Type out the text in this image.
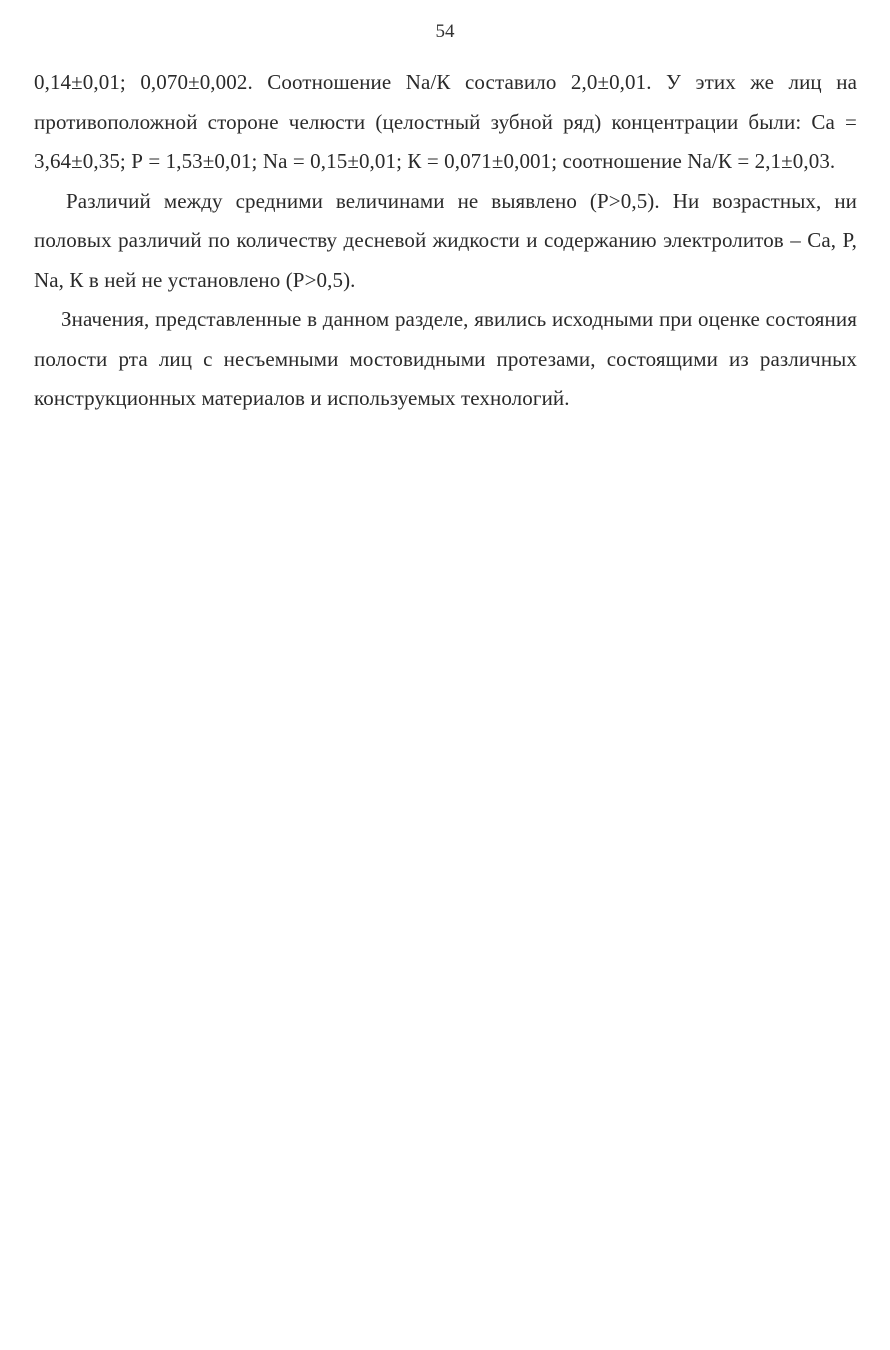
54

0,14±0,01; 0,070±0,002. Соотношение Na/К составило 2,0±0,01. У этих же лиц на противоположной стороне челюсти (целостный зубной ряд) концентрации были: Ca = 3,64±0,35; Р = 1,53±0,01; Na = 0,15±0,01; К = 0,071±0,001; соотношение Na/К = 2,1±0,03.

Различий между средними величинами не выявлено (Р>0,5). Ни возрастных, ни половых различий по количеству десневой жидкости и содержанию электролитов – Са, Р, Na, К в ней не установлено (Р>0,5).

Значения, представленные в данном разделе, явились исходными при оценке состояния полости рта лиц с несъемными мостовидными протезами, состоящими из различных конструкционных материалов и используемых технологий.
